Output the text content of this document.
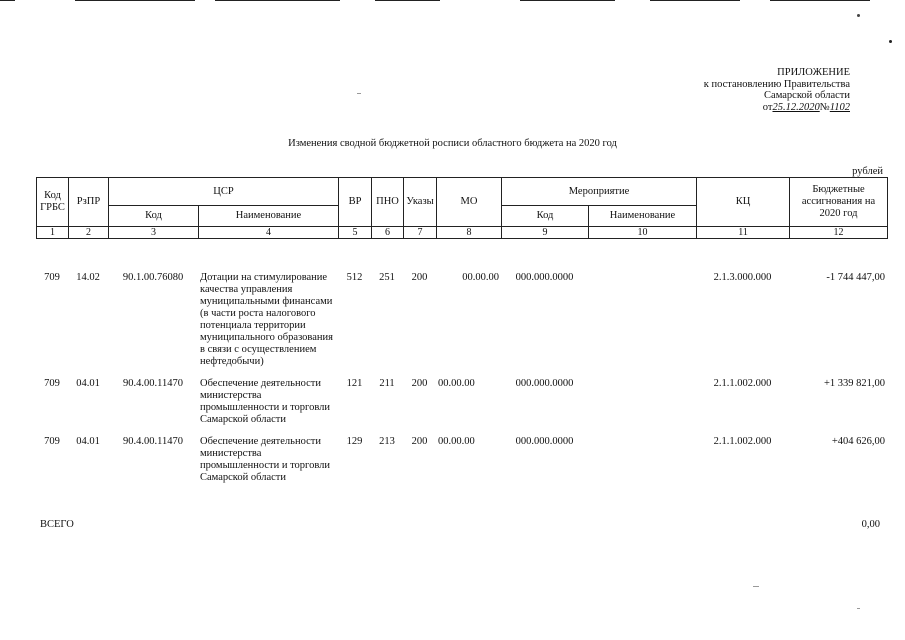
ПРИЛОЖЕНИЕ
к постановлению Правительства
Самарской области
от25.12.2020№1102
Изменения сводной бюджетной росписи областного бюджета на 2020 год
рублей
Код ГРБС	РзПР	ЦСР		ВР	ПНО	Указы	МО	Мероприятие		КЦ	Бюджетные ассигнования на 2020 год
		Код	Наименование					Код	Наименование		
1	2	3	4	5	6	7	8	9	10	11	12
709	14.02	90.1.00.76080	Дотации на стимулирование качества управления муниципальными финансами (в части роста налогового потенциала территории муниципального образования в связи с осуществлением нефтедобычи)	512	251	200	00.00.00	000.000.0000		2.1.3.000.000	-1 744 447,00
709	04.01	90.4.00.11470	Обеспечение деятельности министерства промышленности и торговли Самарской области	121	211	200	00.00.00	000.000.0000		2.1.1.002.000	+1 339 821,00
709	04.01	90.4.00.11470	Обеспечение деятельности министерства промышленности и торговли Самарской области	129	213	200	00.00.00	000.000.0000		2.1.1.002.000	+404 626,00
ВСЕГО	0,00
